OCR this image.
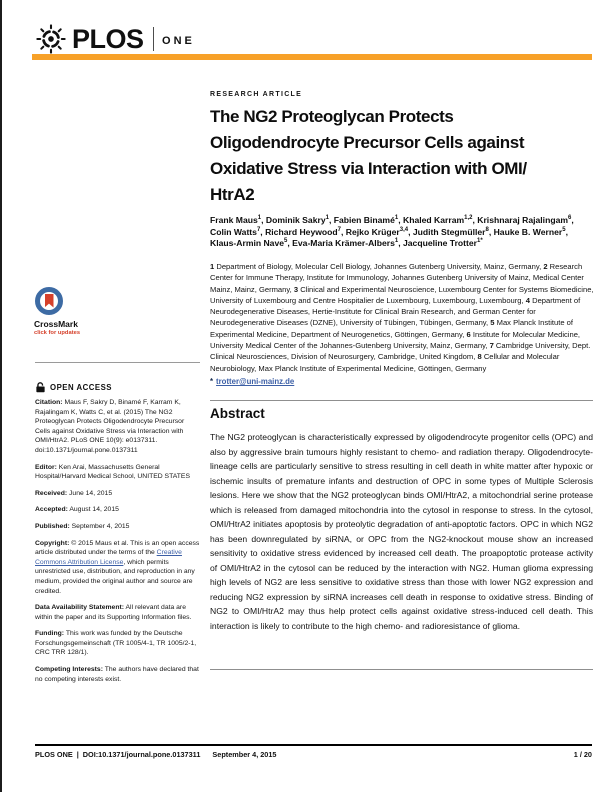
PLOS ONE
RESEARCH ARTICLE
The NG2 Proteoglycan Protects
Oligodendrocyte Precursor Cells against
Oxidative Stress via Interaction with OMI/
HtrA2
Frank Maus$^1$, Dominik Sakry$^1$, Fabien Binamé$^1$, Khaled Karram$^{1,2}$, Krishnaraj Rajalingam$^6$, Colin Watts$^7$, Richard Heywood$^7$, Rejko Krüger$^{3,4}$, Judith Stegmüller$^8$, Hauke B. Werner$^5$, Klaus-Armin Nave$^5$, Eva-Maria Krämer-Albers$^1$, Jacqueline Trotter$^{1*}$
1 Department of Biology, Molecular Cell Biology, Johannes Gutenberg University, Mainz, Germany, 2 Research Center for Immune Therapy, Institute for Immunology, Johannes Gutenberg University of Mainz, Medical Center Mainz, Mainz, Germany, 3 Clinical and Experimental Neuroscience, Luxembourg Center for Systems Biomedicine, University of Luxembourg and Centre Hospitalier de Luxembourg, Luxembourg, Luxembourg, 4 Department of Neurodegenerative Diseases, Hertie-Institute for Clinical Brain Research, and German Center for Neurodegenerative Diseases (DZNE), University of Tübingen, Tübingen, Germany, 5 Max Planck Institute of Experimental Medicine, Department of Neurogenetics, Göttingen, Germany, 6 Institute for Molecular Medicine, University Medical Center of the Johannes-Gutenberg University, Mainz, Germany, 7 Cambridge University, Dept. Clinical Neurosciences, Division of Neurosurgery, Cambridge, United Kingdom, 8 Cellular and Molecular Neurobiology, Max Planck Institute of Experimental Medicine, Göttingen, Germany
* trotter@uni-mainz.de
Abstract
The NG2 proteoglycan is characteristically expressed by oligodendrocyte progenitor cells (OPC) and also by aggressive brain tumours highly resistant to chemo- and radiation therapy. Oligodendrocyte-lineage cells are particularly sensitive to stress resulting in cell death in white matter after hypoxic or ischemic insults of premature infants and destruction of OPC in some types of Multiple Sclerosis lesions. Here we show that the NG2 proteoglycan binds OMI/HtrA2, a mitochondrial serine protease which is released from damaged mitochondria into the cytosol in response to stress. In the cytosol, OMI/HtrA2 initiates apoptosis by proteolytic degradation of anti-apoptotic factors. OPC in which NG2 has been downregulated by siRNA, or OPC from the NG2-knockout mouse show an increased sensitivity to oxidative stress evidenced by increased cell death. The proapoptotic protease activity of OMI/HtrA2 in the cytosol can be reduced by the interaction with NG2. Human glioma expressing high levels of NG2 are less sensitive to oxidative stress than those with lower NG2 expression and reducing NG2 expression by siRNA increases cell death in response to oxidative stress. Binding of NG2 to OMI/HtrA2 may thus help protect cells against oxidative stress-induced cell death. This interaction is likely to contribute to the high chemo- and radioresistance of glioma.
CrossMark
click for updates
OPEN ACCESS

Citation: Maus F, Sakry D, Binamé F, Karram K, Rajalingam K, Watts C, et al. (2015) The NG2 Proteoglycan Protects Oligodendrocyte Precursor Cells against Oxidative Stress via Interaction with OMI/HtrA2. PLoS ONE 10(9): e0137311. doi:10.1371/journal.pone.0137311

Editor: Ken Arai, Massachusetts General Hospital/Harvard Medical School, UNITED STATES

Received: June 14, 2015

Accepted: August 14, 2015

Published: September 4, 2015

Copyright: © 2015 Maus et al. This is an open access article distributed under the terms of the Creative Commons Attribution License, which permits unrestricted use, distribution, and reproduction in any medium, provided the original author and source are credited.

Data Availability Statement: All relevant data are within the paper and its Supporting Information files.

Funding: This work was funded by the Deutsche Forschungsgemeinschaft (TR 1005/4-1, TR 1005/2-1, CRC TRR 128/1).

Competing Interests: The authors have declared that no competing interests exist.

PLOS ONE | DOI:10.1371/journal.pone.0137311 September 4, 2015	1 / 20
